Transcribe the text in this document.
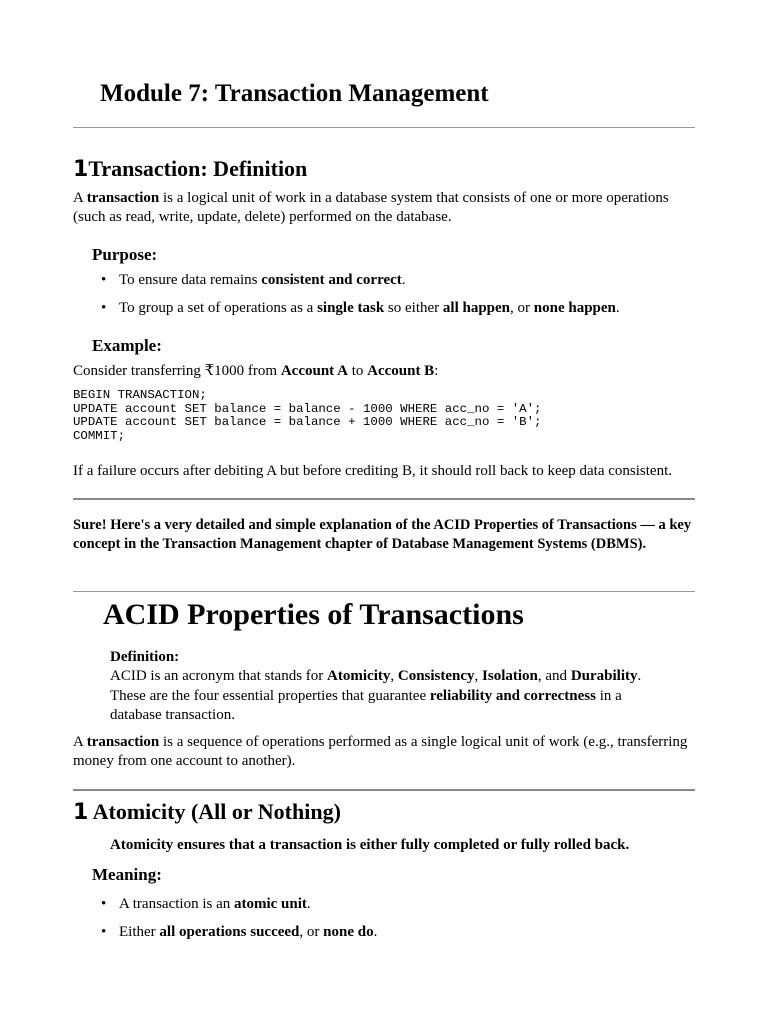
Module 7: Transaction Management
1Transaction: Definition

A transaction is a logical unit of work in a database system that consists of one or more operations (such as read, write, update, delete) performed on the database.

Purpose:
• To ensure data remains consistent and correct.
• To group a set of operations as a single task so either all happen, or none happen.
Example:

Consider transferring ₹1000 from Account A to Account B:

BEGIN TRANSACTION;
UPDATE account SET balance = balance - 1000 WHERE acc_no = 'A';
UPDATE account SET balance = balance + 1000 WHERE acc_no = 'B';
COMMIT;

If a failure occurs after debiting A but before crediting B, it should roll back to keep data consistent.

Sure! Here's a very detailed and simple explanation of the ACID Properties of Transactions — a key concept in the Transaction Management chapter of Database Management Systems (DBMS).

ACID Properties of Transactions
Definition:

ACID is an acronym that stands for Atomicity, Consistency, Isolation, and Durability.
These are the four essential properties that guarantee reliability and correctness in a database transaction.

A transaction is a sequence of operations performed as a single logical unit of work (e.g., transferring money from one account to another).

1 Atomicity (All or Nothing)

Atomicity ensures that a transaction is either fully completed or fully rolled back.

Meaning:
• A transaction is an atomic unit.
• Either all operations succeed, or none do.
